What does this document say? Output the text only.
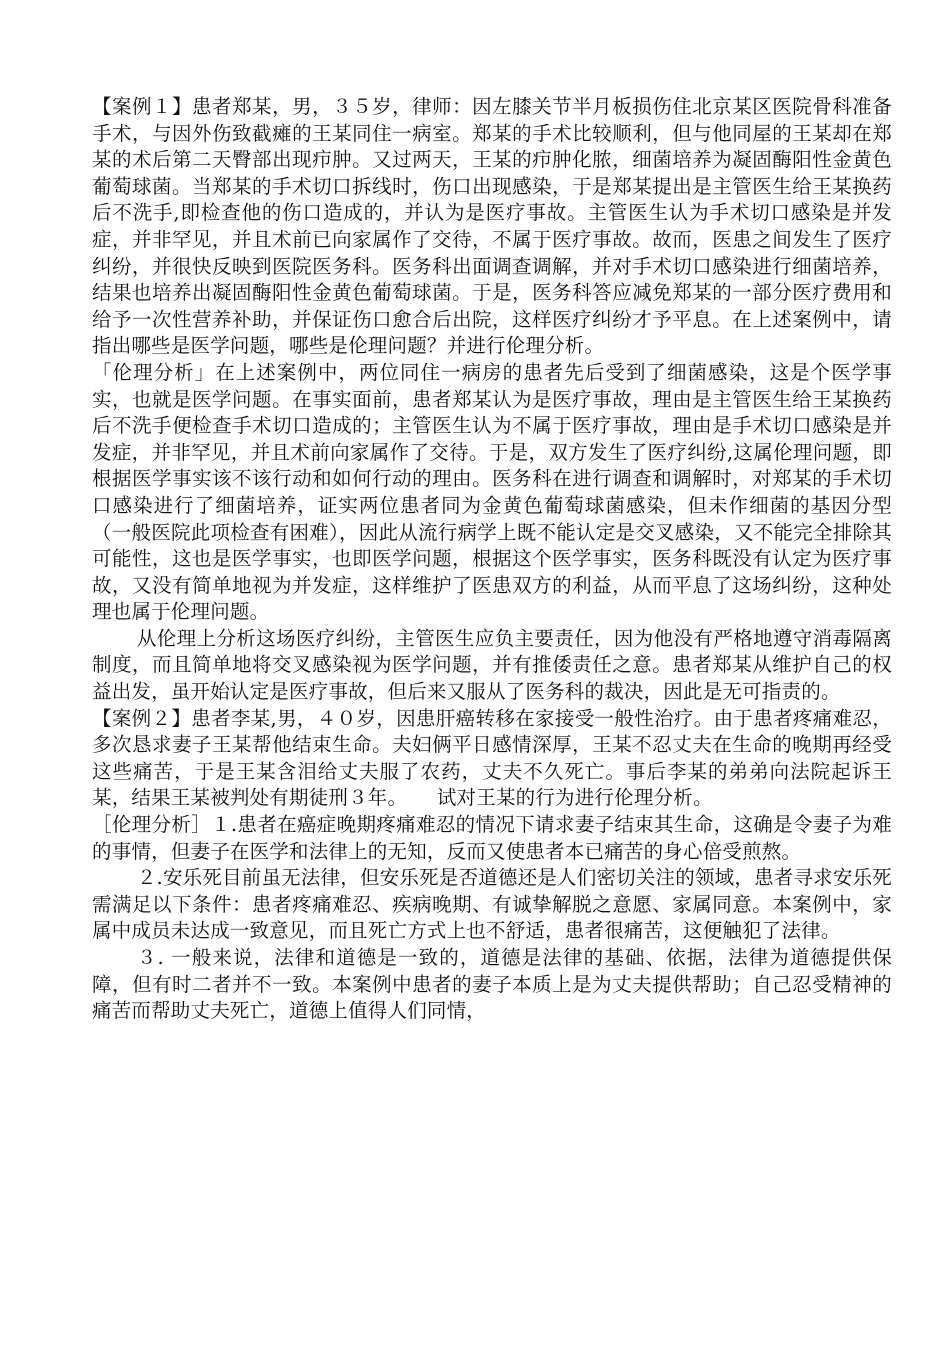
【案例１】患者郑某，男，３５岁，律师：因左膝关节半月板损伤住北京某区医院骨科准备手术，与因外伤致截瘫的王某同住一病室。郑某的手术比较顺利，但与他同屋的王某却在郑某的术后第二天臀部出现疖肿。又过两天，王某的疖肿化脓，细菌培养为凝固酶阳性金黄色葡萄球菌。当郑某的手术切口拆线时，伤口出现感染，于是郑某提出是主管医生给王某换药后不洗手,即检查他的伤口造成的，并认为是医疗事故。主管医生认为手术切口感染是并发症，并非罕见，并且术前已向家属作了交待，不属于医疗事故。故而，医患之间发生了医疗纠纷，并很快反映到医院医务科。医务科出面调查调解，并对手术切口感染进行细菌培养，结果也培养出凝固酶阳性金黄色葡萄球菌。于是，医务科答应减免郑某的一部分医疗费用和给予一次性营养补助，并保证伤口愈合后出院，这样医疗纠纷才予平息。在上述案例中，请指出哪些是医学问题，哪些是伦理问题？并进行伦理分析。

「伦理分析」在上述案例中，两位同住一病房的患者先后受到了细菌感染，这是个医学事实，也就是医学问题。在事实面前，患者郑某认为是医疗事故，理由是主管医生给王某换药后不洗手便检查手术切口造成的；主管医生认为不属于医疗事故，理由是手术切口感染是并发症，并非罕见，并且术前向家属作了交待。于是，双方发生了医疗纠纷,这属伦理问题，即根据医学事实该不该行动和如何行动的理由。医务科在进行调查和调解时，对郑某的手术切口感染进行了细菌培养，证实两位患者同为金黄色葡萄球菌感染，但未作细菌的基因分型（一般医院此项检查有困难），因此从流行病学上既不能认定是交叉感染，又不能完全排除其可能性，这也是医学事实，也即医学问题，根据这个医学事实，医务科既没有认定为医疗事故，又没有简单地视为并发症，这样维护了医患双方的利益，从而平息了这场纠纷，这种处理也属于伦理问题。

从伦理上分析这场医疗纠纷，主管医生应负主要责任，因为他没有严格地遵守消毒隔离制度，而且简单地将交叉感染视为医学问题，并有推倭责任之意。患者郑某从维护自己的权益出发，虽开始认定是医疗事故，但后来又服从了医务科的裁决，因此是无可指责的。

【案例２】患者李某,男，４０岁，因患肝癌转移在家接受一般性治疗。由于患者疼痛难忍，多次恳求妻子王某帮他结束生命。夫妇俩平日感情深厚，王某不忍丈夫在生命的晚期再经受这些痛苦，于是王某含泪给丈夫服了农药，丈夫不久死亡。事后李某的弟弟向法院起诉王某，结果王某被判处有期徒刑３年。　　试对王某的行为进行伦理分析。

［伦理分析］１.患者在癌症晚期疼痛难忍的情况下请求妻子结束其生命，这确是令妻子为难的事情，但妻子在医学和法律上的无知，反而又使患者本已痛苦的身心倍受煎熬。

２.安乐死目前虽无法律，但安乐死是否道德还是人们密切关注的领域，患者寻求安乐死需满足以下条件：患者疼痛难忍、疾病晚期、有诚挚解脱之意愿、家属同意。本案例中，家属中成员未达成一致意见，而且死亡方式上也不舒适，患者很痛苦，这便触犯了法律。

３. 一般来说，法律和道德是一致的，道德是法律的基础、依据，法律为道德提供保障，但有时二者并不一致。本案例中患者的妻子本质上是为丈夫提供帮助；自己忍受精神的痛苦而帮助丈夫死亡，道德上值得人们同情，
